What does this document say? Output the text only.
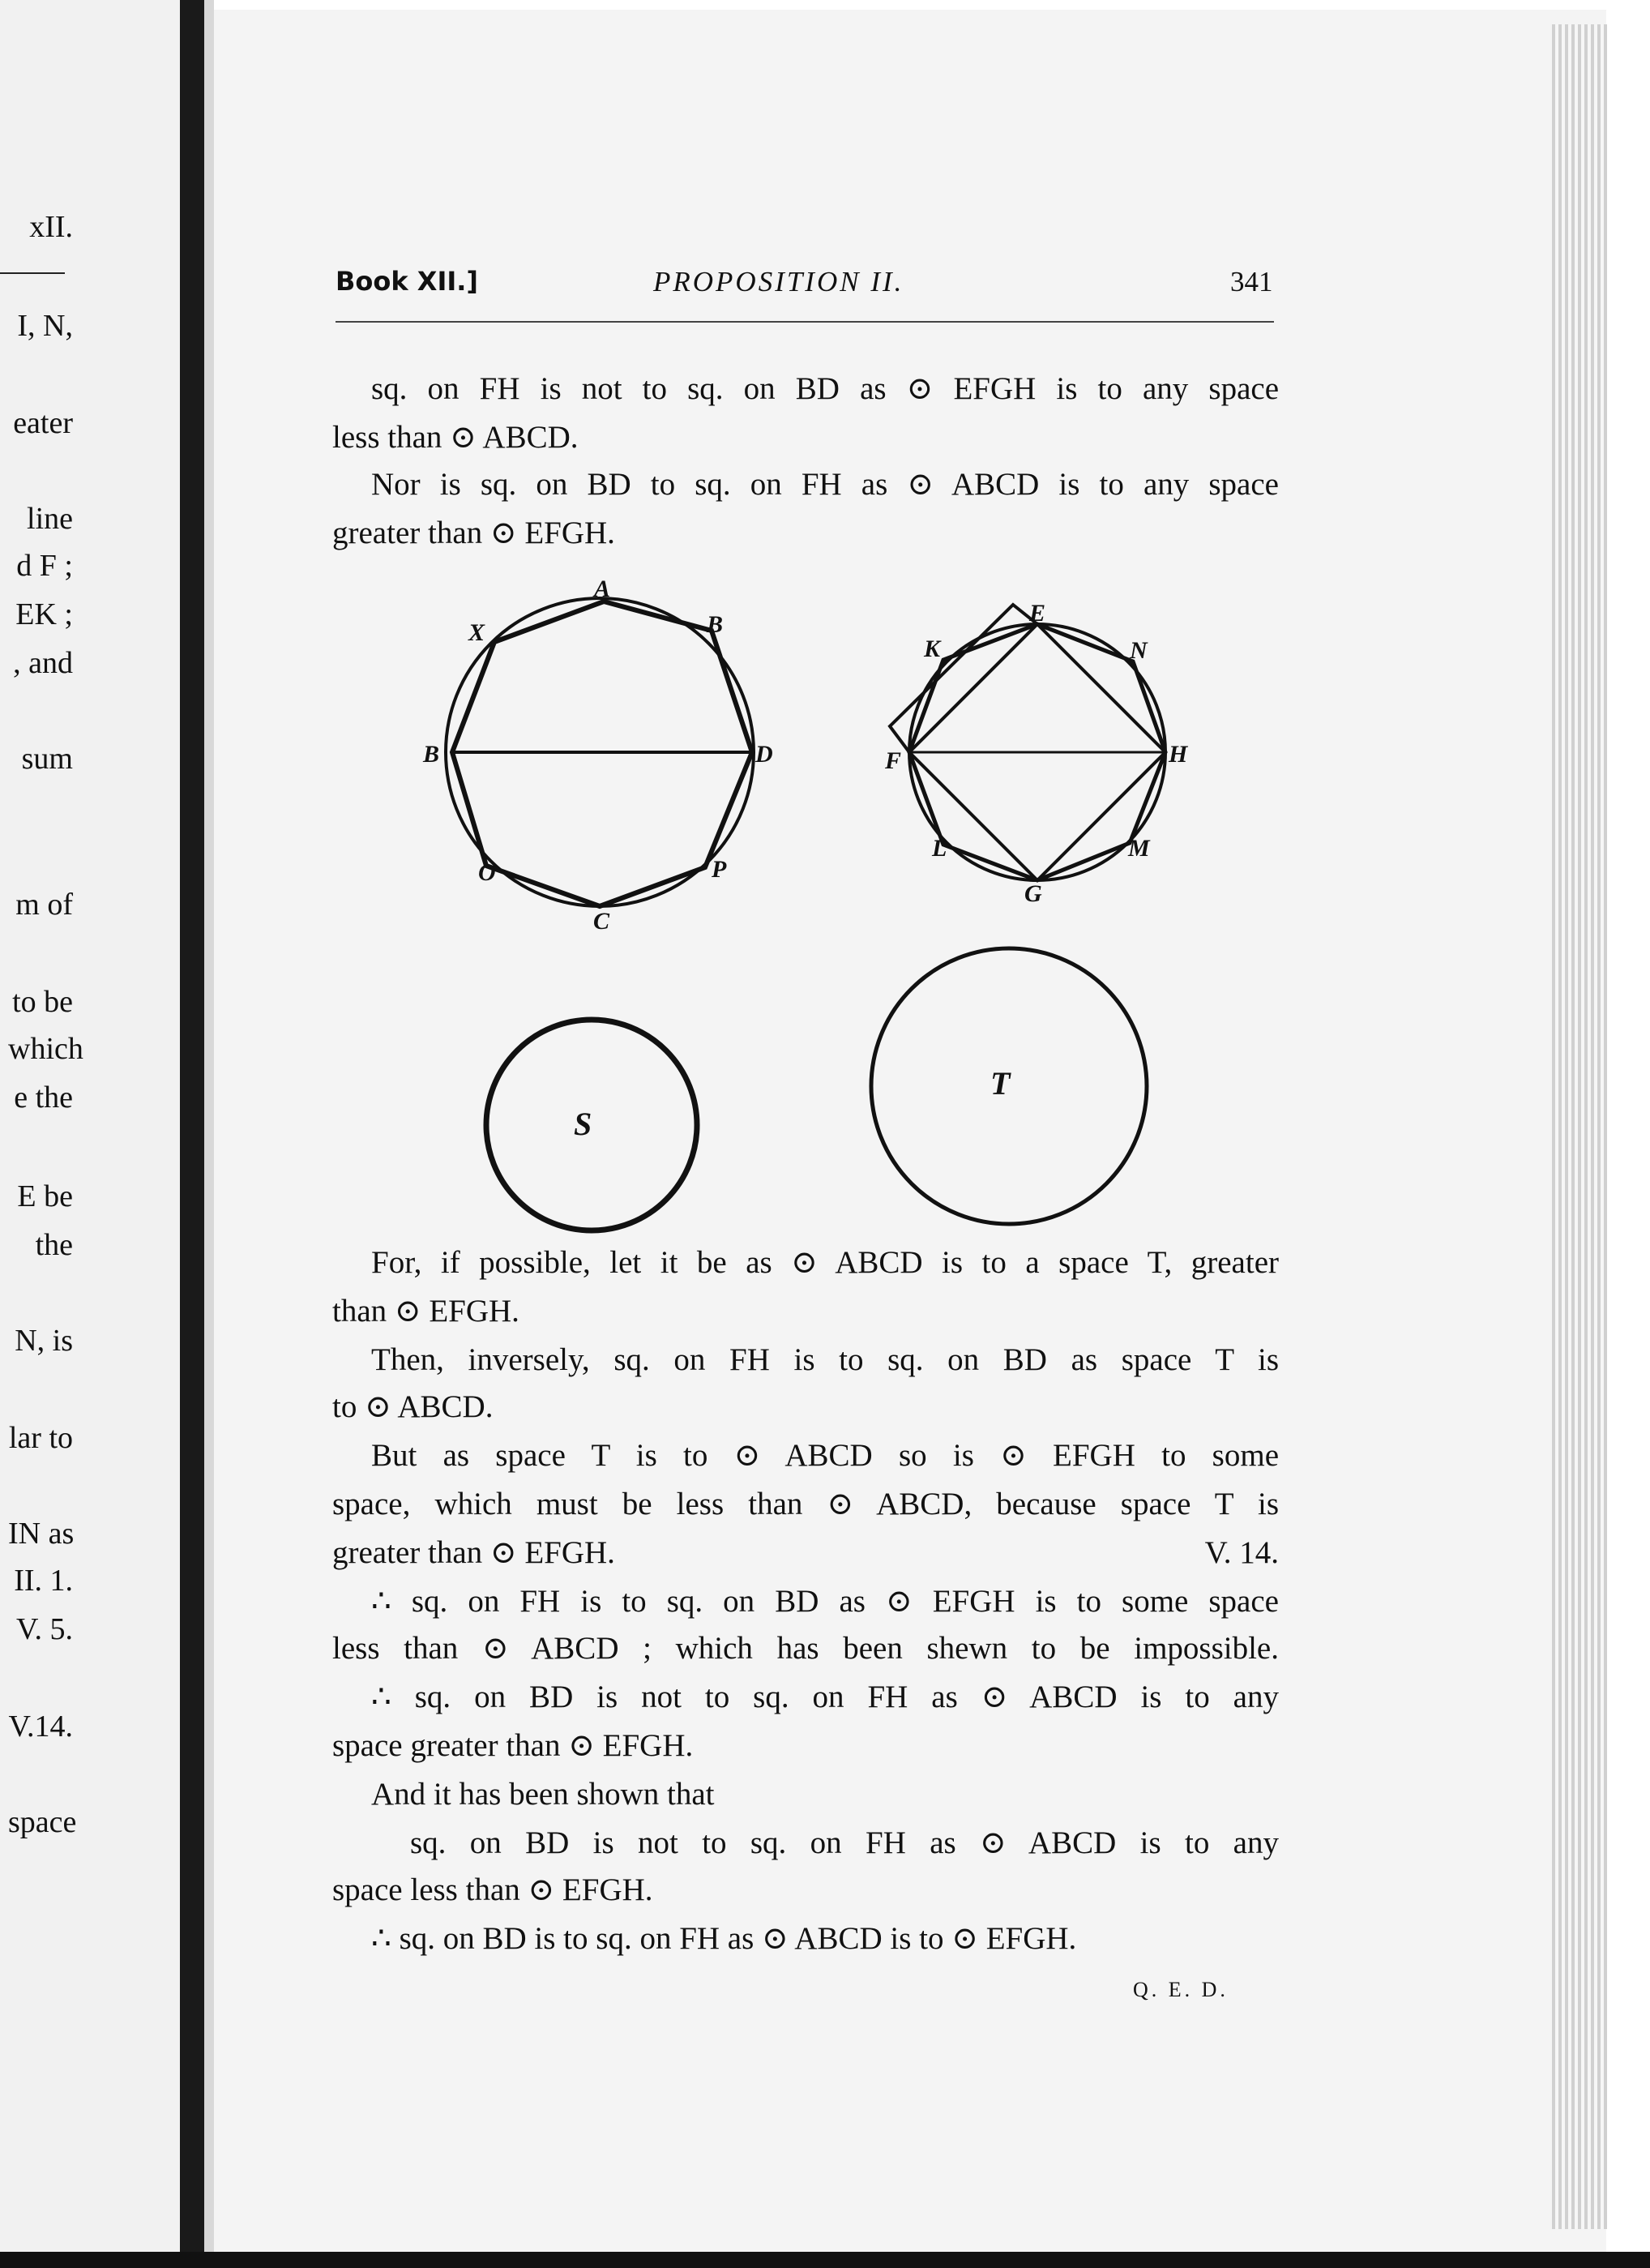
xII.
I, N,
eater
line
d F ;
EK ;
, and
sum
m of
to be
which
e the
E be
the
N, is
lar to
IN as
II. 1.
V. 5.
V.14.
space
Book XII.]	PROPOSITION II.	341
sq. on FH is not to sq. on BD as ⊙ EFGH is to any space
less than ⊙ ABCD.
Nor is sq. on BD to sq. on FH as ⊙ ABCD is to any space
greater than ⊙ EFGH.
For, if possible, let it be as ⊙ ABCD is to a space T, greater
than ⊙ EFGH.
Then, inversely, sq. on FH is to sq. on BD as space T is
to ⊙ ABCD.
But as space T is to ⊙ ABCD so is ⊙ EFGH to some
space, which must be less than ⊙ ABCD, because space T is
∴ sq. on FH is to sq. on BD as ⊙ EFGH is to some space
less than ⊙ ABCD ; which has been shewn to be impossible.
∴ sq. on BD is not to sq. on FH as ⊙ ABCD is to any
space greater than ⊙ EFGH.
And it has been shown that
sq. on BD is not to sq. on FH as ⊙ ABCD is to any
space less than ⊙ EFGH.
∴ sq. on BD is to sq. on FH as ⊙ ABCD is to ⊙ EFGH.
greater than ⊙ EFGH.	V. 14.
Q. E. D.
A
B
X
B	D
O	P
C
E
K	N
F	H
L	M
G
S
T
